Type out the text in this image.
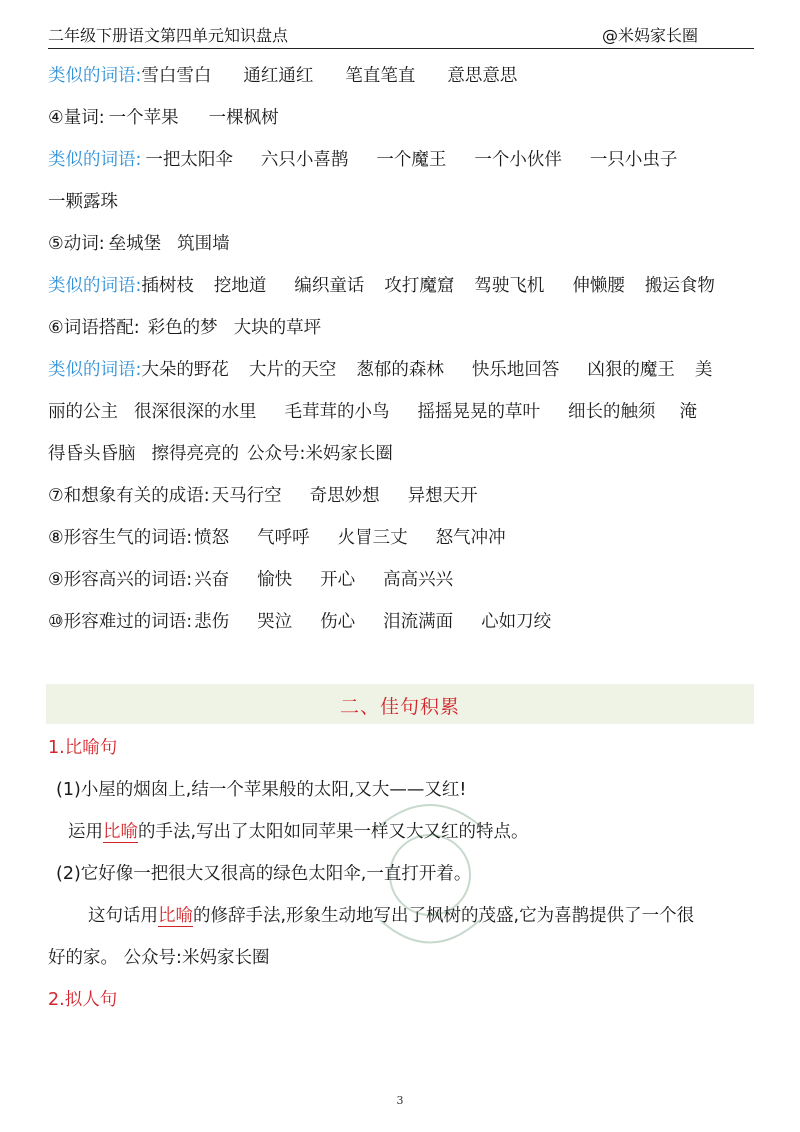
二年级下册语文第四单元知识盘点	@米妈家长圈
类似的词语:雪白雪白 通红通红 笔直笔直 意思意思
④量词: 一个苹果 一棵枫树
类似的词语: 一把太阳伞 六只小喜鹊 一个魔王 一个小伙伴 一只小虫子
一颗露珠
⑤动词: 垒城堡 筑围墙
类似的词语:插树枝 挖地道 编织童话 攻打魔窟 驾驶飞机 伸懒腰 搬运食物
⑥词语搭配: 彩色的梦 大块的草坪
类似的词语:大朵的野花 大片的天空 葱郁的森林 快乐地回答 凶狠的魔王 美
丽的公主 很深很深的水里 毛茸茸的小鸟 摇摇晃晃的草叶 细长的触须 淹
得昏头昏脑 擦得亮亮的 公众号:米妈家长圈
⑦和想象有关的成语: 天马行空 奇思妙想 异想天开
⑧形容生气的词语: 愤怒 气呼呼 火冒三丈 怒气冲冲
⑨形容高兴的词语: 兴奋 愉快 开心 高高兴兴
⑩形容难过的词语: 悲伤 哭泣 伤心 泪流满面 心如刀绞
二、佳句积累
1.比喻句
(1)小屋的烟囱上,结一个苹果般的太阳,又大——又红!
运用比喻的手法,写出了太阳如同苹果一样又大又红的特点。
(2)它好像一把很大又很高的绿色太阳伞,一直打开着。
这句话用比喻的修辞手法,形象生动地写出了枫树的茂盛,它为喜鹊提供了一个很
好的家。 公众号:米妈家长圈
2.拟人句
3
